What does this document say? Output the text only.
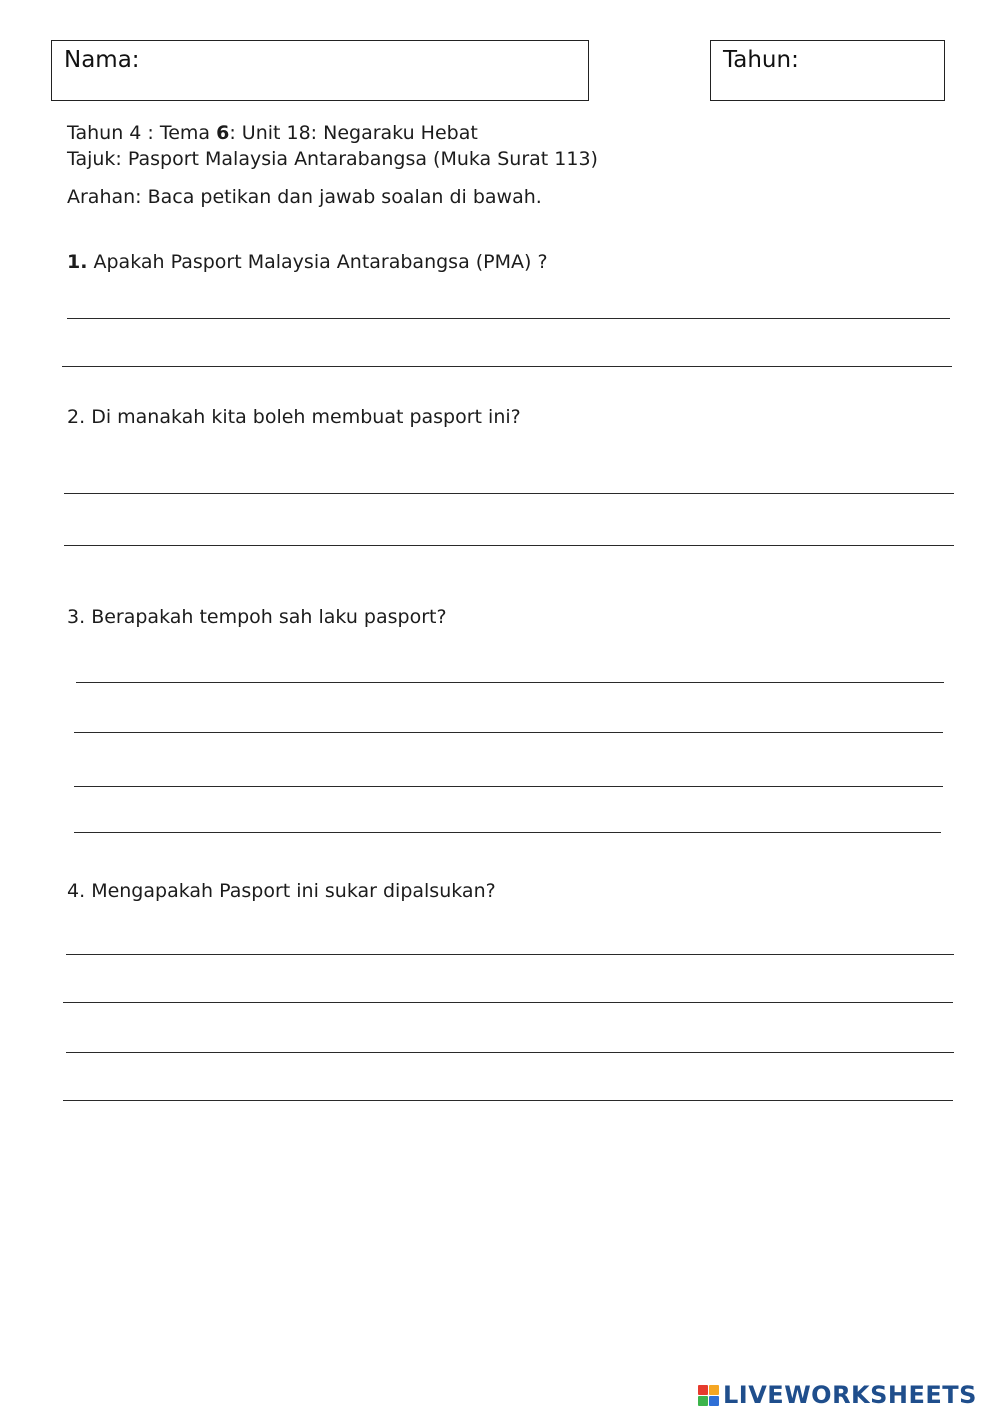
Nama:	Tahun:
Tahun 4 : Tema 6: Unit 18: Negaraku Hebat
Tajuk: Pasport Malaysia Antarabangsa (Muka Surat 113)
Arahan: Baca petikan dan jawab soalan di bawah.
1. Apakah Pasport Malaysia Antarabangsa (PMA) ?
2. Di manakah kita boleh membuat pasport ini?
3. Berapakah tempoh sah laku pasport?
4. Mengapakah Pasport ini sukar dipalsukan?
LIVEWORKSHEETS
